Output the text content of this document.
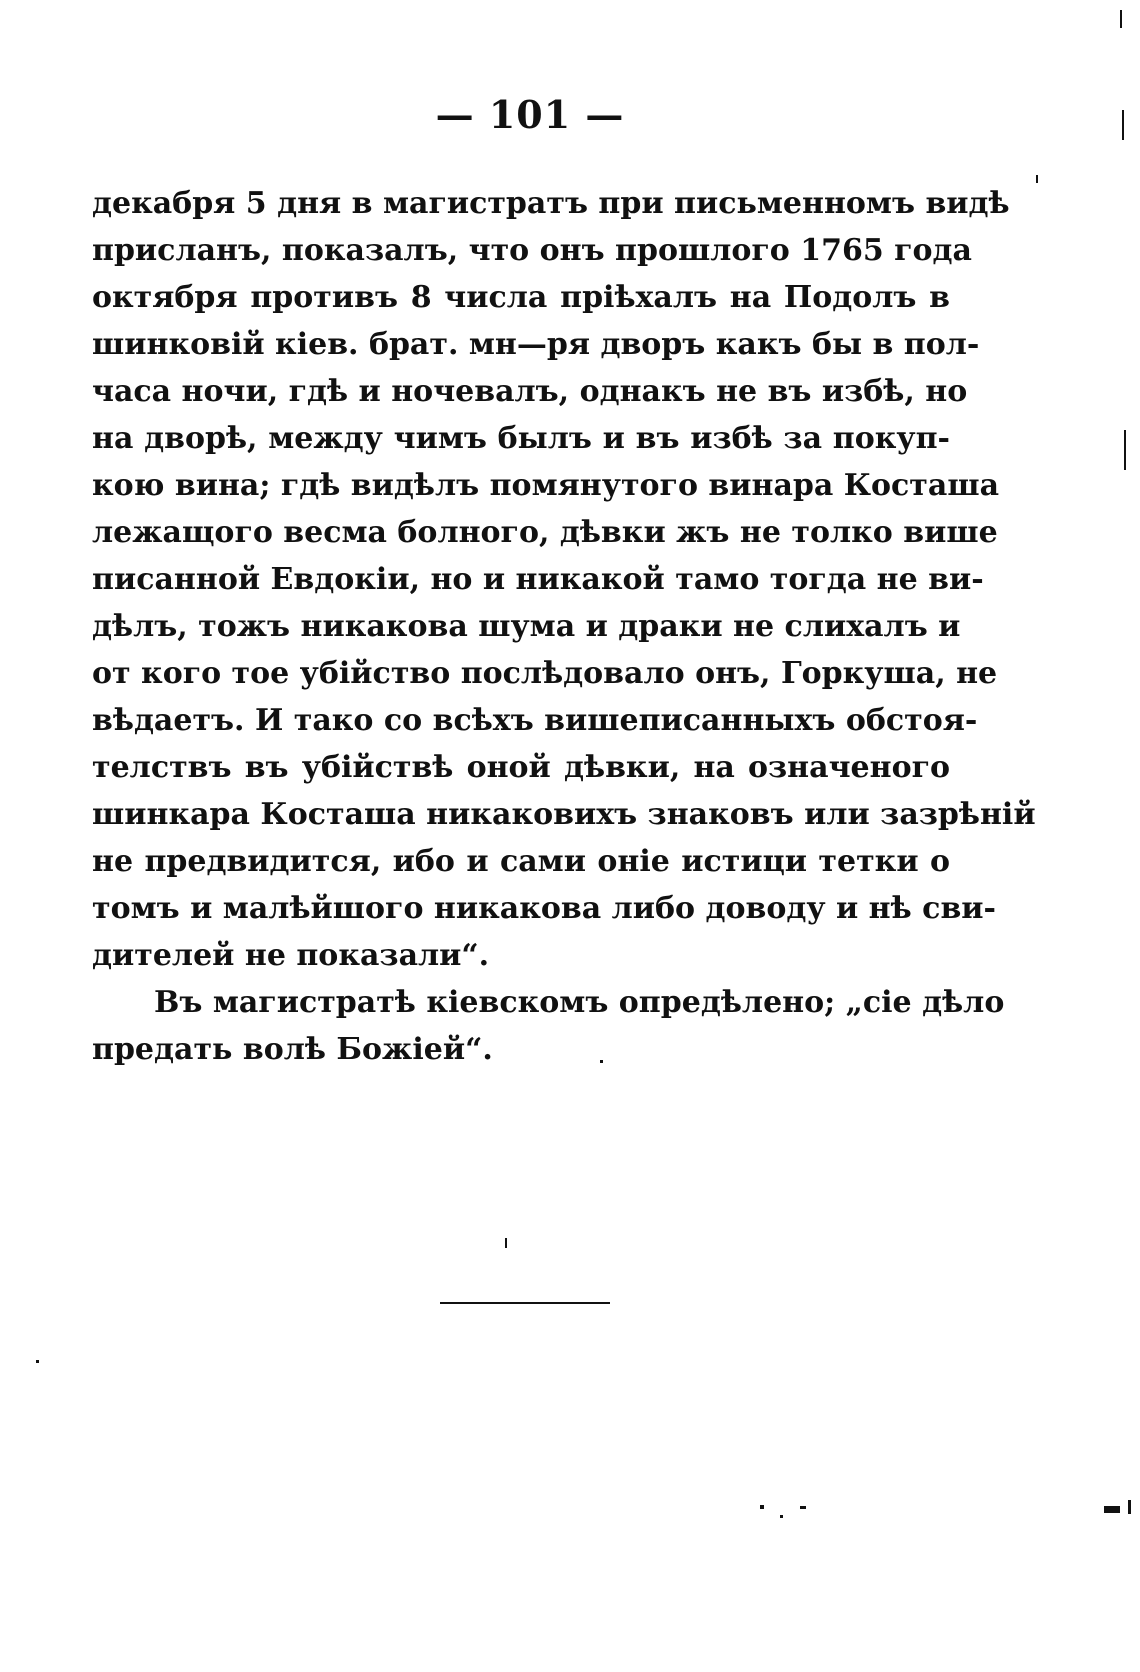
— 101 —
декабря 5 дня в магистратъ при письменномъ видѣ
присланъ, показалъ, что онъ прошлого 1765 года
октября противъ 8 числа пріѣхалъ на Подолъ в
шинковій кіев. брат. мн—ря дворъ какъ бы в пол-
часа ночи, гдѣ и ночевалъ, однакъ не въ избѣ, но
на дворѣ, между чимъ былъ и въ избѣ за покуп-
кою вина; гдѣ видѣлъ помянутого винара Косташа
лежащого весма болного, дѣвки жъ не толко више
писанной Евдокіи, но и никакой тамо тогда не ви-
дѣлъ, тожъ никакова шума и драки не слихалъ и
от кого тое убійство послѣдовало онъ, Горкуша, не
вѣдаетъ. И тако со всѣхъ вишеписанныхъ обстоя-
телствъ въ убійствѣ оной дѣвки, на означеного
шинкара Косташа никаковихъ знаковъ или зазрѣній
не предвидится, ибо и сами оніе истици тетки о
томъ и малѣйшого никакова либо доводу и нѣ сви-
дителей не показали“.
Въ магистратѣ кіевскомъ опредѣлено; „сіе дѣло
предать волѣ Божіей“.
